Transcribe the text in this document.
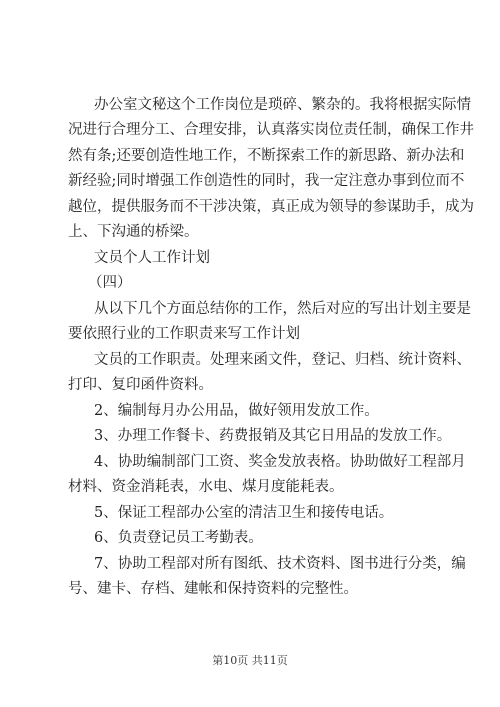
办公室文秘这个工作岗位是琐碎、繁杂的。我将根据实际情
况进行合理分工、合理安排，认真落实岗位责任制，确保工作井
然有条;还要创造性地工作，不断探索工作的新思路、新办法和
新经验;同时增强工作创造性的同时，我一定注意办事到位而不
越位，提供服务而不干涉决策，真正成为领导的参谋助手，成为
上、下沟通的桥梁。
文员个人工作计划
（四）
从以下几个方面总结你的工作，然后对应的写出计划主要是
要依照行业的工作职责来写工作计划
文员的工作职责。处理来函文件，登记、归档、统计资料、
打印、复印函件资料。
2、编制每月办公用品，做好领用发放工作。
3、办理工作餐卡、药费报销及其它日用品的发放工作。
4、协助编制部门工资、奖金发放表格。协助做好工程部月
材料、资金消耗表，水电、煤月度能耗表。
5、保证工程部办公室的清洁卫生和接传电话。
6、负责登记员工考勤表。
7、协助工程部对所有图纸、技术资料、图书进行分类，编
号、建卡、存档、建帐和保持资料的完整性。
第10页 共11页
